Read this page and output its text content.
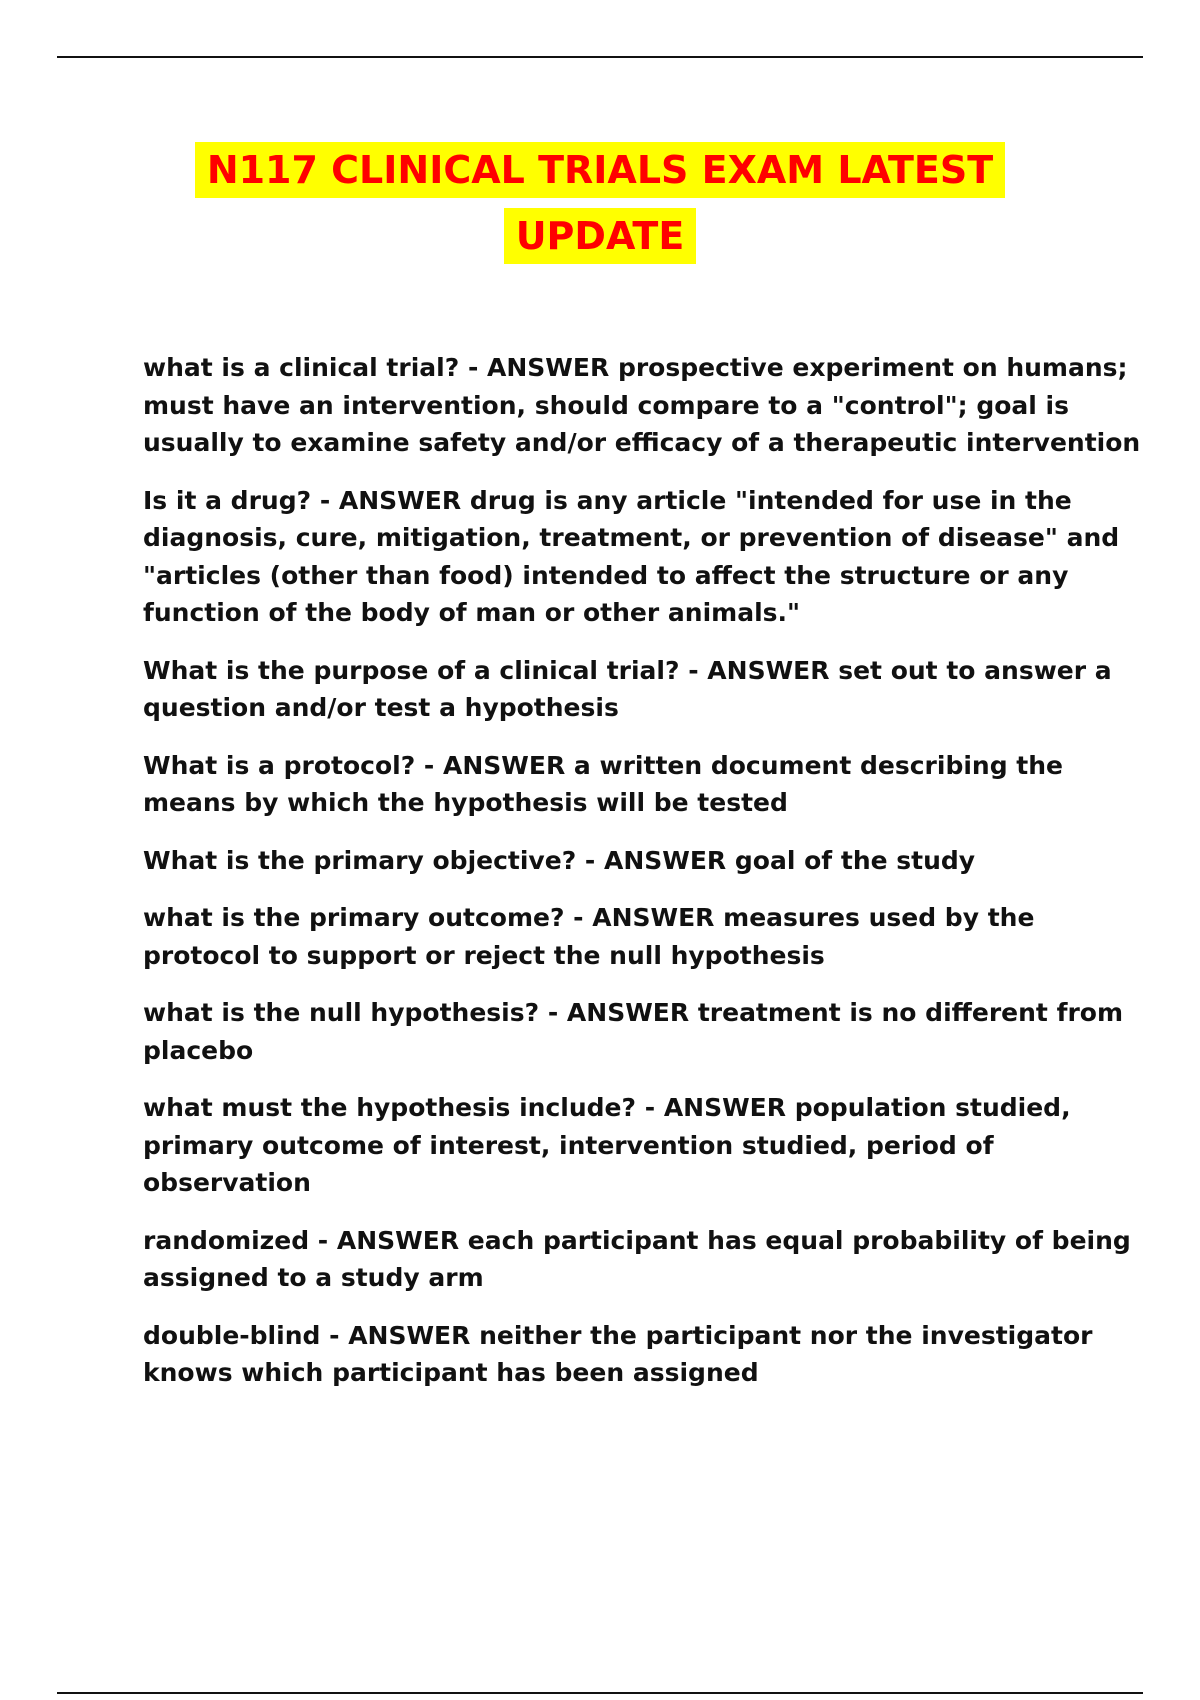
N117 CLINICAL TRIALS EXAM LATEST
UPDATE

what is a clinical trial? - ANSWER prospective experiment on humans; must have an intervention, should compare to a "control"; goal is usually to examine safety and/or efficacy of a therapeutic intervention

Is it a drug? - ANSWER drug is any article "intended for use in the diagnosis, cure, mitigation, treatment, or prevention of disease" and "articles (other than food) intended to affect the structure or any function of the body of man or other animals."

What is the purpose of a clinical trial? - ANSWER set out to answer a question and/or test a hypothesis

What is a protocol? - ANSWER a written document describing the means by which the hypothesis will be tested

What is the primary objective? - ANSWER goal of the study

what is the primary outcome? - ANSWER measures used by the protocol to support or reject the null hypothesis

what is the null hypothesis? - ANSWER treatment is no different from placebo

what must the hypothesis include? - ANSWER population studied, primary outcome of interest, intervention studied, period of observation

randomized - ANSWER each participant has equal probability of being assigned to a study arm

double-blind - ANSWER neither the participant nor the investigator knows which participant has been assigned
